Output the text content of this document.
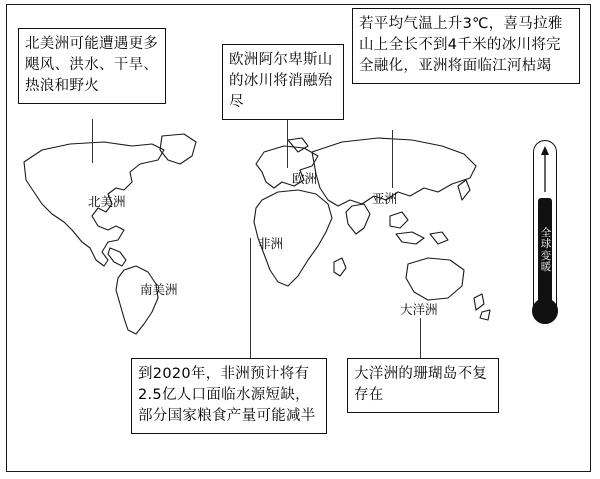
北美洲
南美洲
欧洲
非洲
亚洲
大洋洲
北美洲可能遭遇更多飓风、洪水、干旱、热浪和野火
欧洲阿尔卑斯山的冰川将消融殆尽
若平均气温上升3℃，喜马拉雅山上全长不到4千米的冰川将完全融化，亚洲将面临江河枯竭
到2020年，非洲预计将有2.5亿人口面临水源短缺，部分国家粮食产量可能减半
大洋洲的珊瑚岛不复存在
全球变暖
